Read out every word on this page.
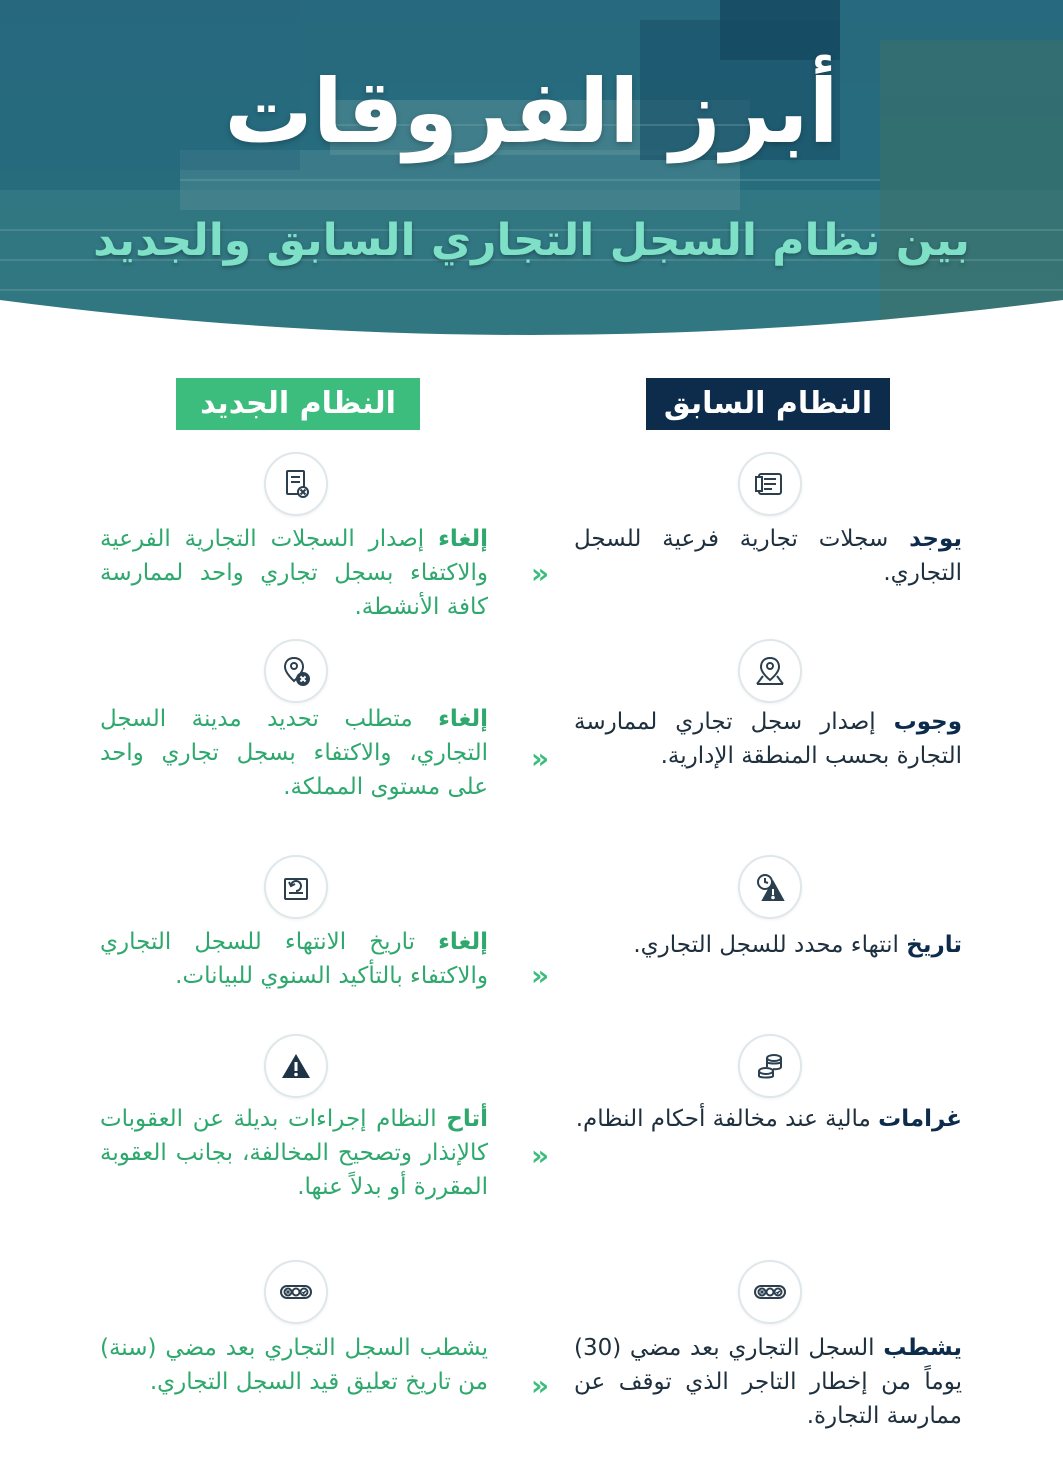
أبرز الفروقات
بين نظام السجل التجاري السابق والجديد
النظام السابق
النظام الجديد
يوجد سجلات تجارية فرعية للسجل التجاري.
«
إلغاء إصدار السجلات التجارية الفرعية والاكتفاء بسجل تجاري واحد لممارسة كافة الأنشطة.
وجوب إصدار سجل تجاري لممارسة التجارة بحسب المنطقة الإدارية.
«
إلغاء متطلب تحديد مدينة السجل التجاري، والاكتفاء بسجل تجاري واحد على مستوى المملكة.
تاريخ انتهاء محدد للسجل التجاري.
«
إلغاء تاريخ الانتهاء للسجل التجاري والاكتفاء بالتأكيد السنوي للبيانات.
غرامات مالية عند مخالفة أحكام النظام.
«
أتاح النظام إجراءات بديلة عن العقوبات كالإنذار وتصحيح المخالفة، بجانب العقوبة المقررة أو بدلاً عنها.
يشطب السجل التجاري بعد مضي (30) يوماً من إخطار التاجر الذي توقف عن ممارسة التجارة.
«
يشطب السجل التجاري بعد مضي (سنة) من تاريخ تعليق قيد السجل التجاري.
